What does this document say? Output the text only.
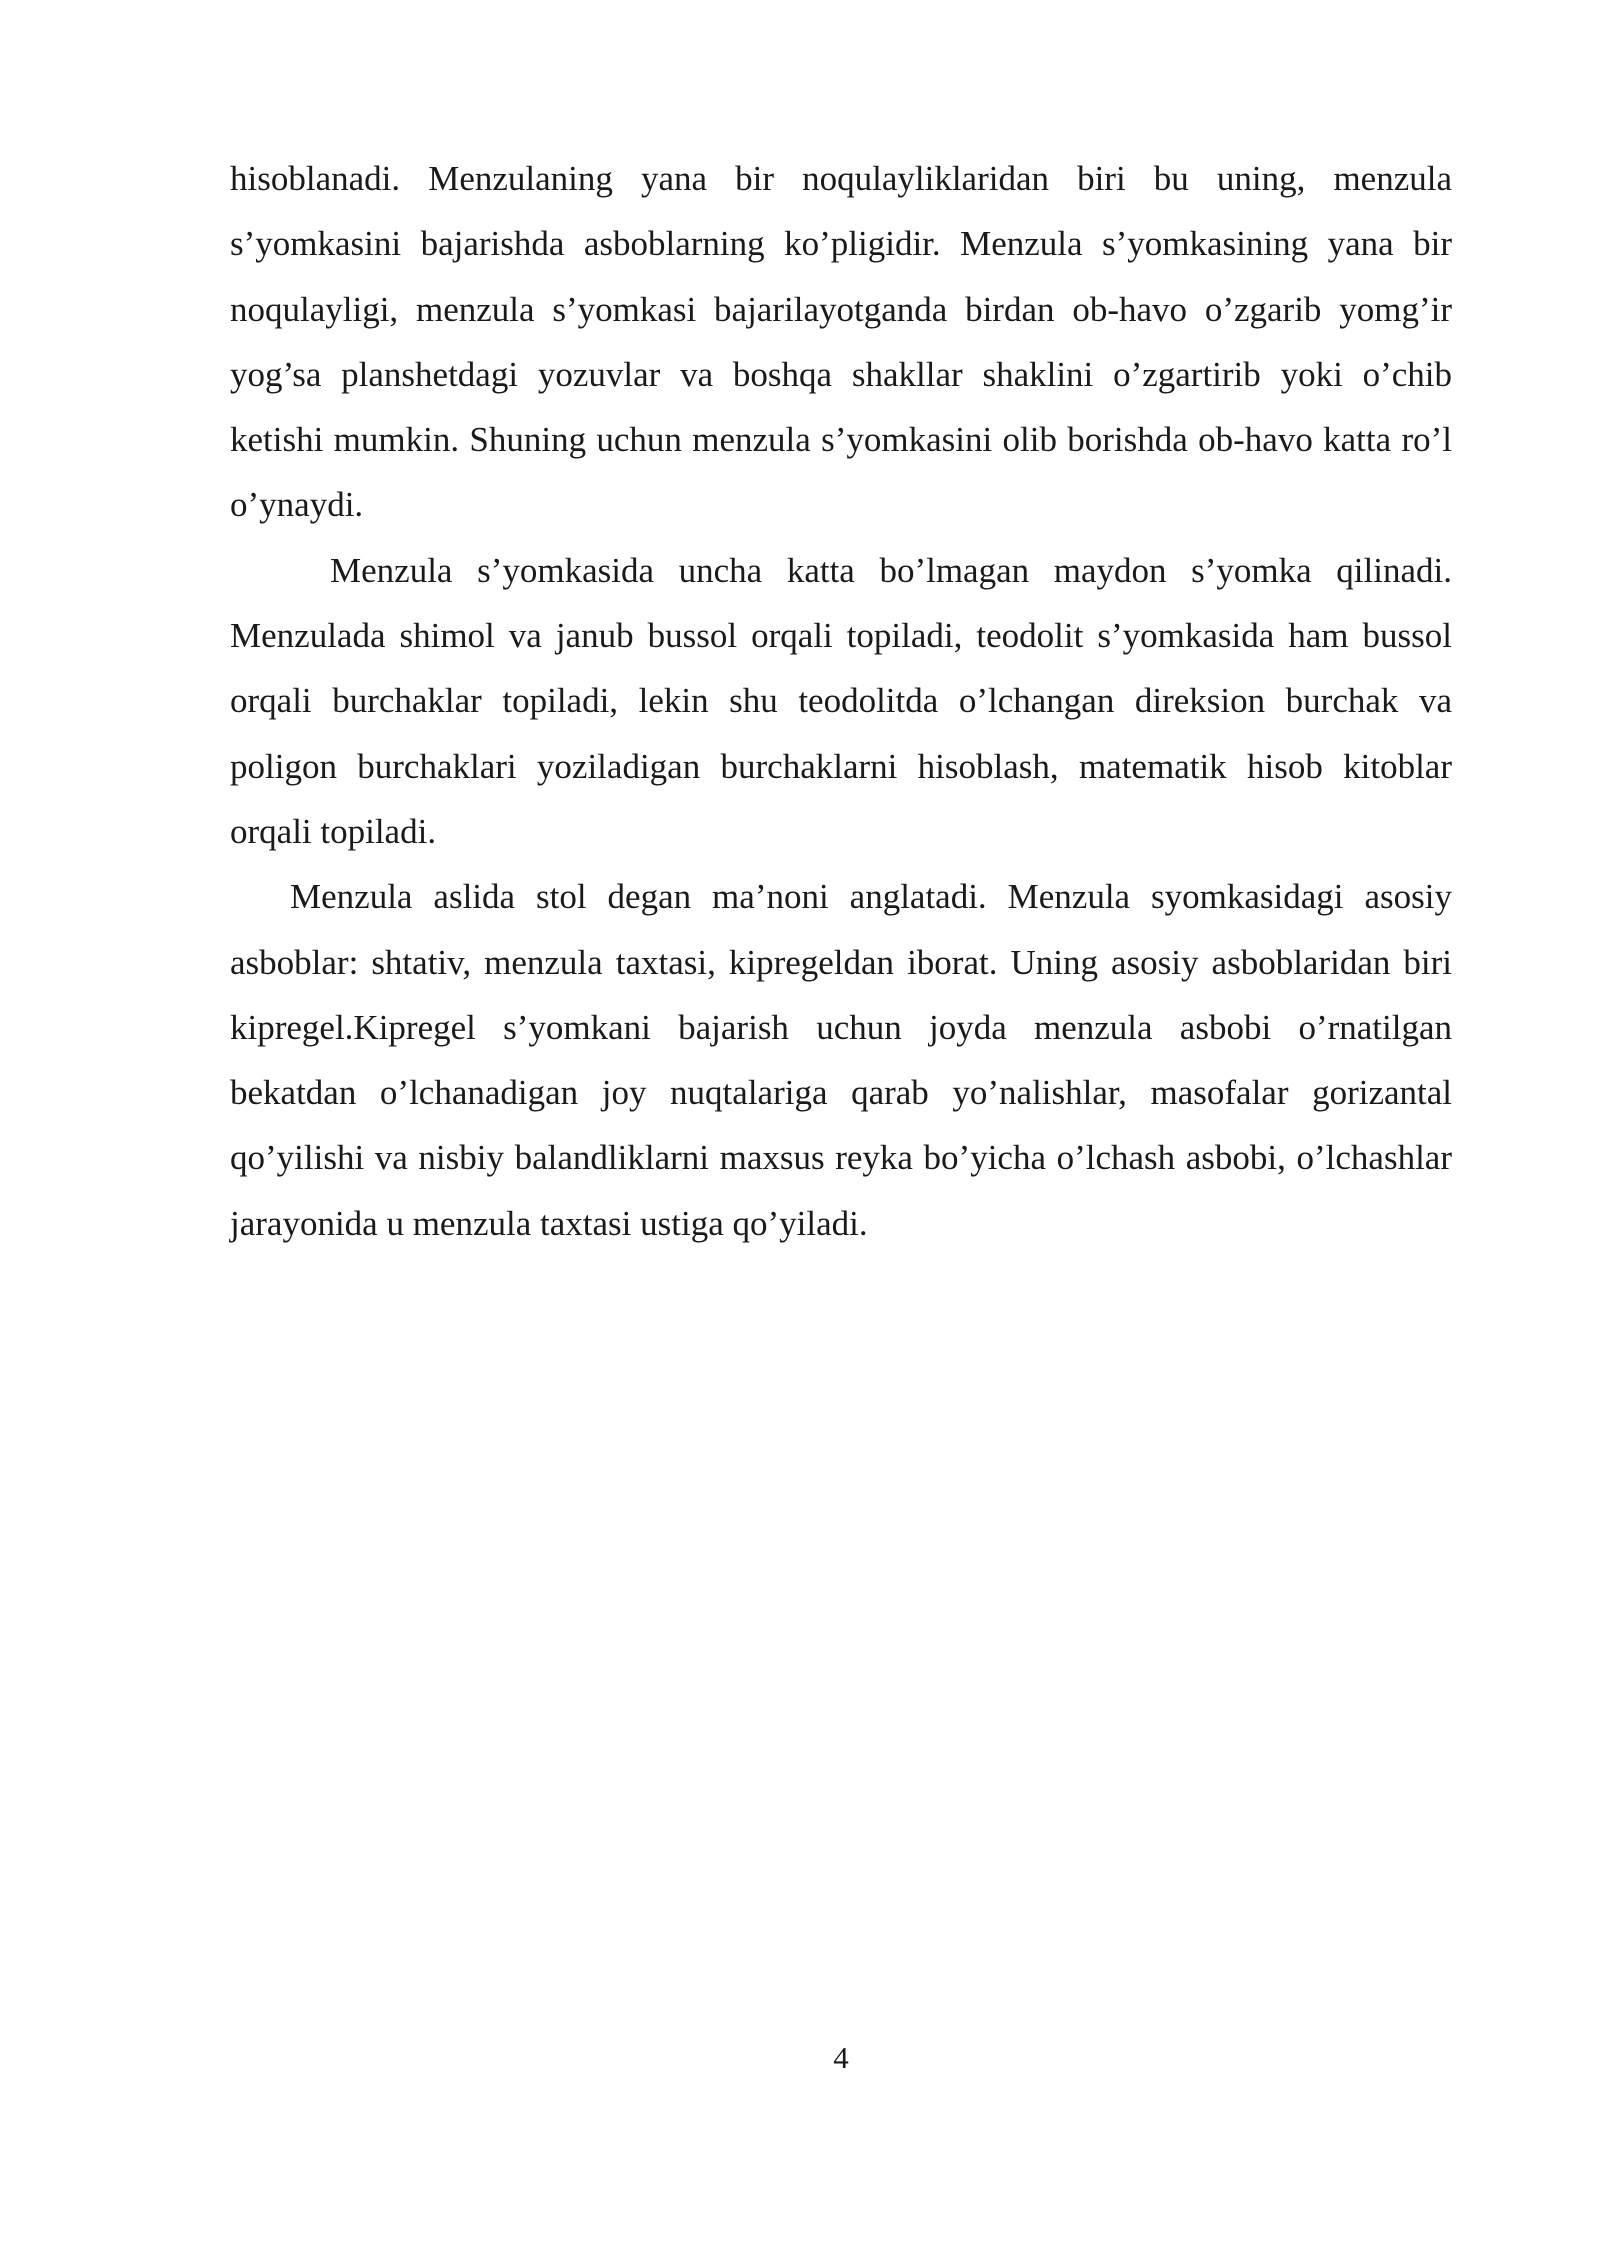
hisoblanadi. Menzulaning yana bir noqulayliklaridan biri bu uning, menzula s’yomkasini bajarishda asboblarning ko’pligidir. Menzula s’yomkasining yana bir noqulayligi, menzula s’yomkasi bajarilayotganda birdan ob-havo o’zgarib yomg’ir yog’sa planshetdagi yozuvlar va boshqa shakllar shaklini o’zgartirib yoki o’chib ketishi mumkin. Shuning uchun menzula s’yomkasini olib borishda ob-havo katta ro’l o’ynaydi.

Menzula s’yomkasida uncha katta bo’lmagan maydon s’yomka qilinadi. Menzulada shimol va janub bussol orqali topiladi, teodolit s’yomkasida ham bussol orqali burchaklar topiladi, lekin shu teodolitda o’lchangan direksion burchak va poligon burchaklari yoziladigan burchaklarni hisoblash, matematik hisob kitoblar orqali topiladi.

Menzula aslida stol degan ma’noni anglatadi. Menzula syomkasidagi asosiy asboblar: shtativ, menzula taxtasi, kipregeldan iborat. Uning asosiy asboblaridan biri kipregel.Kipregel s’yomkani bajarish uchun joyda menzula asbobi o’rnatilgan bekatdan o’lchanadigan joy nuqtalariga qarab yo’nalishlar, masofalar gorizantal qo’yilishi va nisbiy balandliklarni maxsus reyka bo’yicha o’lchash asbobi, o’lchashlar jarayonida u menzula taxtasi ustiga qo’yiladi.

4
